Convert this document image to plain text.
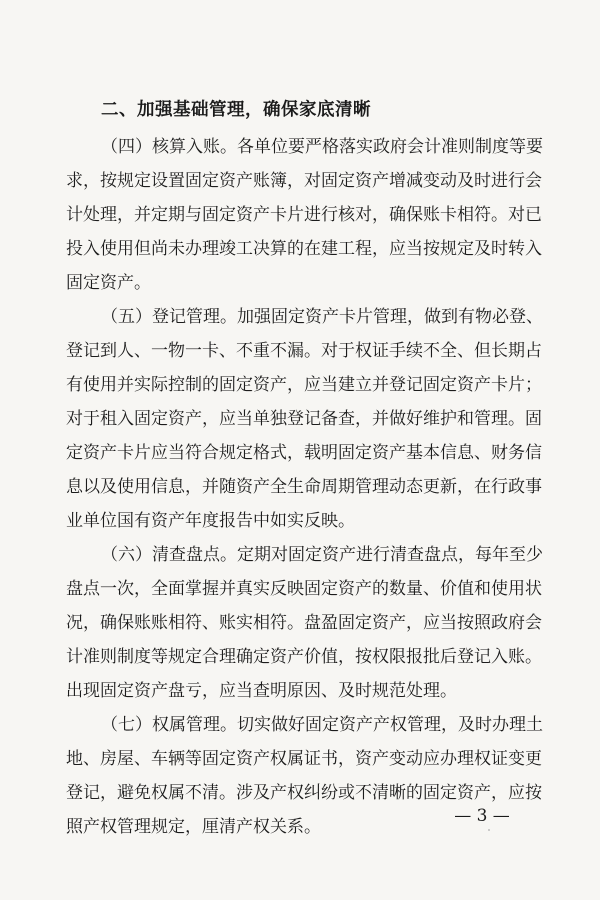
二、加强基础管理，确保家底清晰
（四）核算入账。各单位要严格落实政府会计准则制度等要
求，按规定设置固定资产账簿，对固定资产增减变动及时进行会
计处理，并定期与固定资产卡片进行核对，确保账卡相符。对已
投入使用但尚未办理竣工决算的在建工程，应当按规定及时转入
固定资产。
（五）登记管理。加强固定资产卡片管理，做到有物必登、
登记到人、一物一卡、不重不漏。对于权证手续不全、但长期占
有使用并实际控制的固定资产，应当建立并登记固定资产卡片；
对于租入固定资产，应当单独登记备查，并做好维护和管理。固
定资产卡片应当符合规定格式，载明固定资产基本信息、财务信
息以及使用信息，并随资产全生命周期管理动态更新，在行政事
业单位国有资产年度报告中如实反映。
（六）清查盘点。定期对固定资产进行清查盘点，每年至少
盘点一次，全面掌握并真实反映固定资产的数量、价值和使用状
况，确保账账相符、账实相符。盘盈固定资产，应当按照政府会
计准则制度等规定合理确定资产价值，按权限报批后登记入账。
出现固定资产盘亏，应当查明原因、及时规范处理。
（七）权属管理。切实做好固定资产产权管理，及时办理土
地、房屋、车辆等固定资产权属证书，资产变动应办理权证变更
登记，避免权属不清。涉及产权纠纷或不清晰的固定资产，应按
照产权管理规定，厘清产权关系。
— 3 —
